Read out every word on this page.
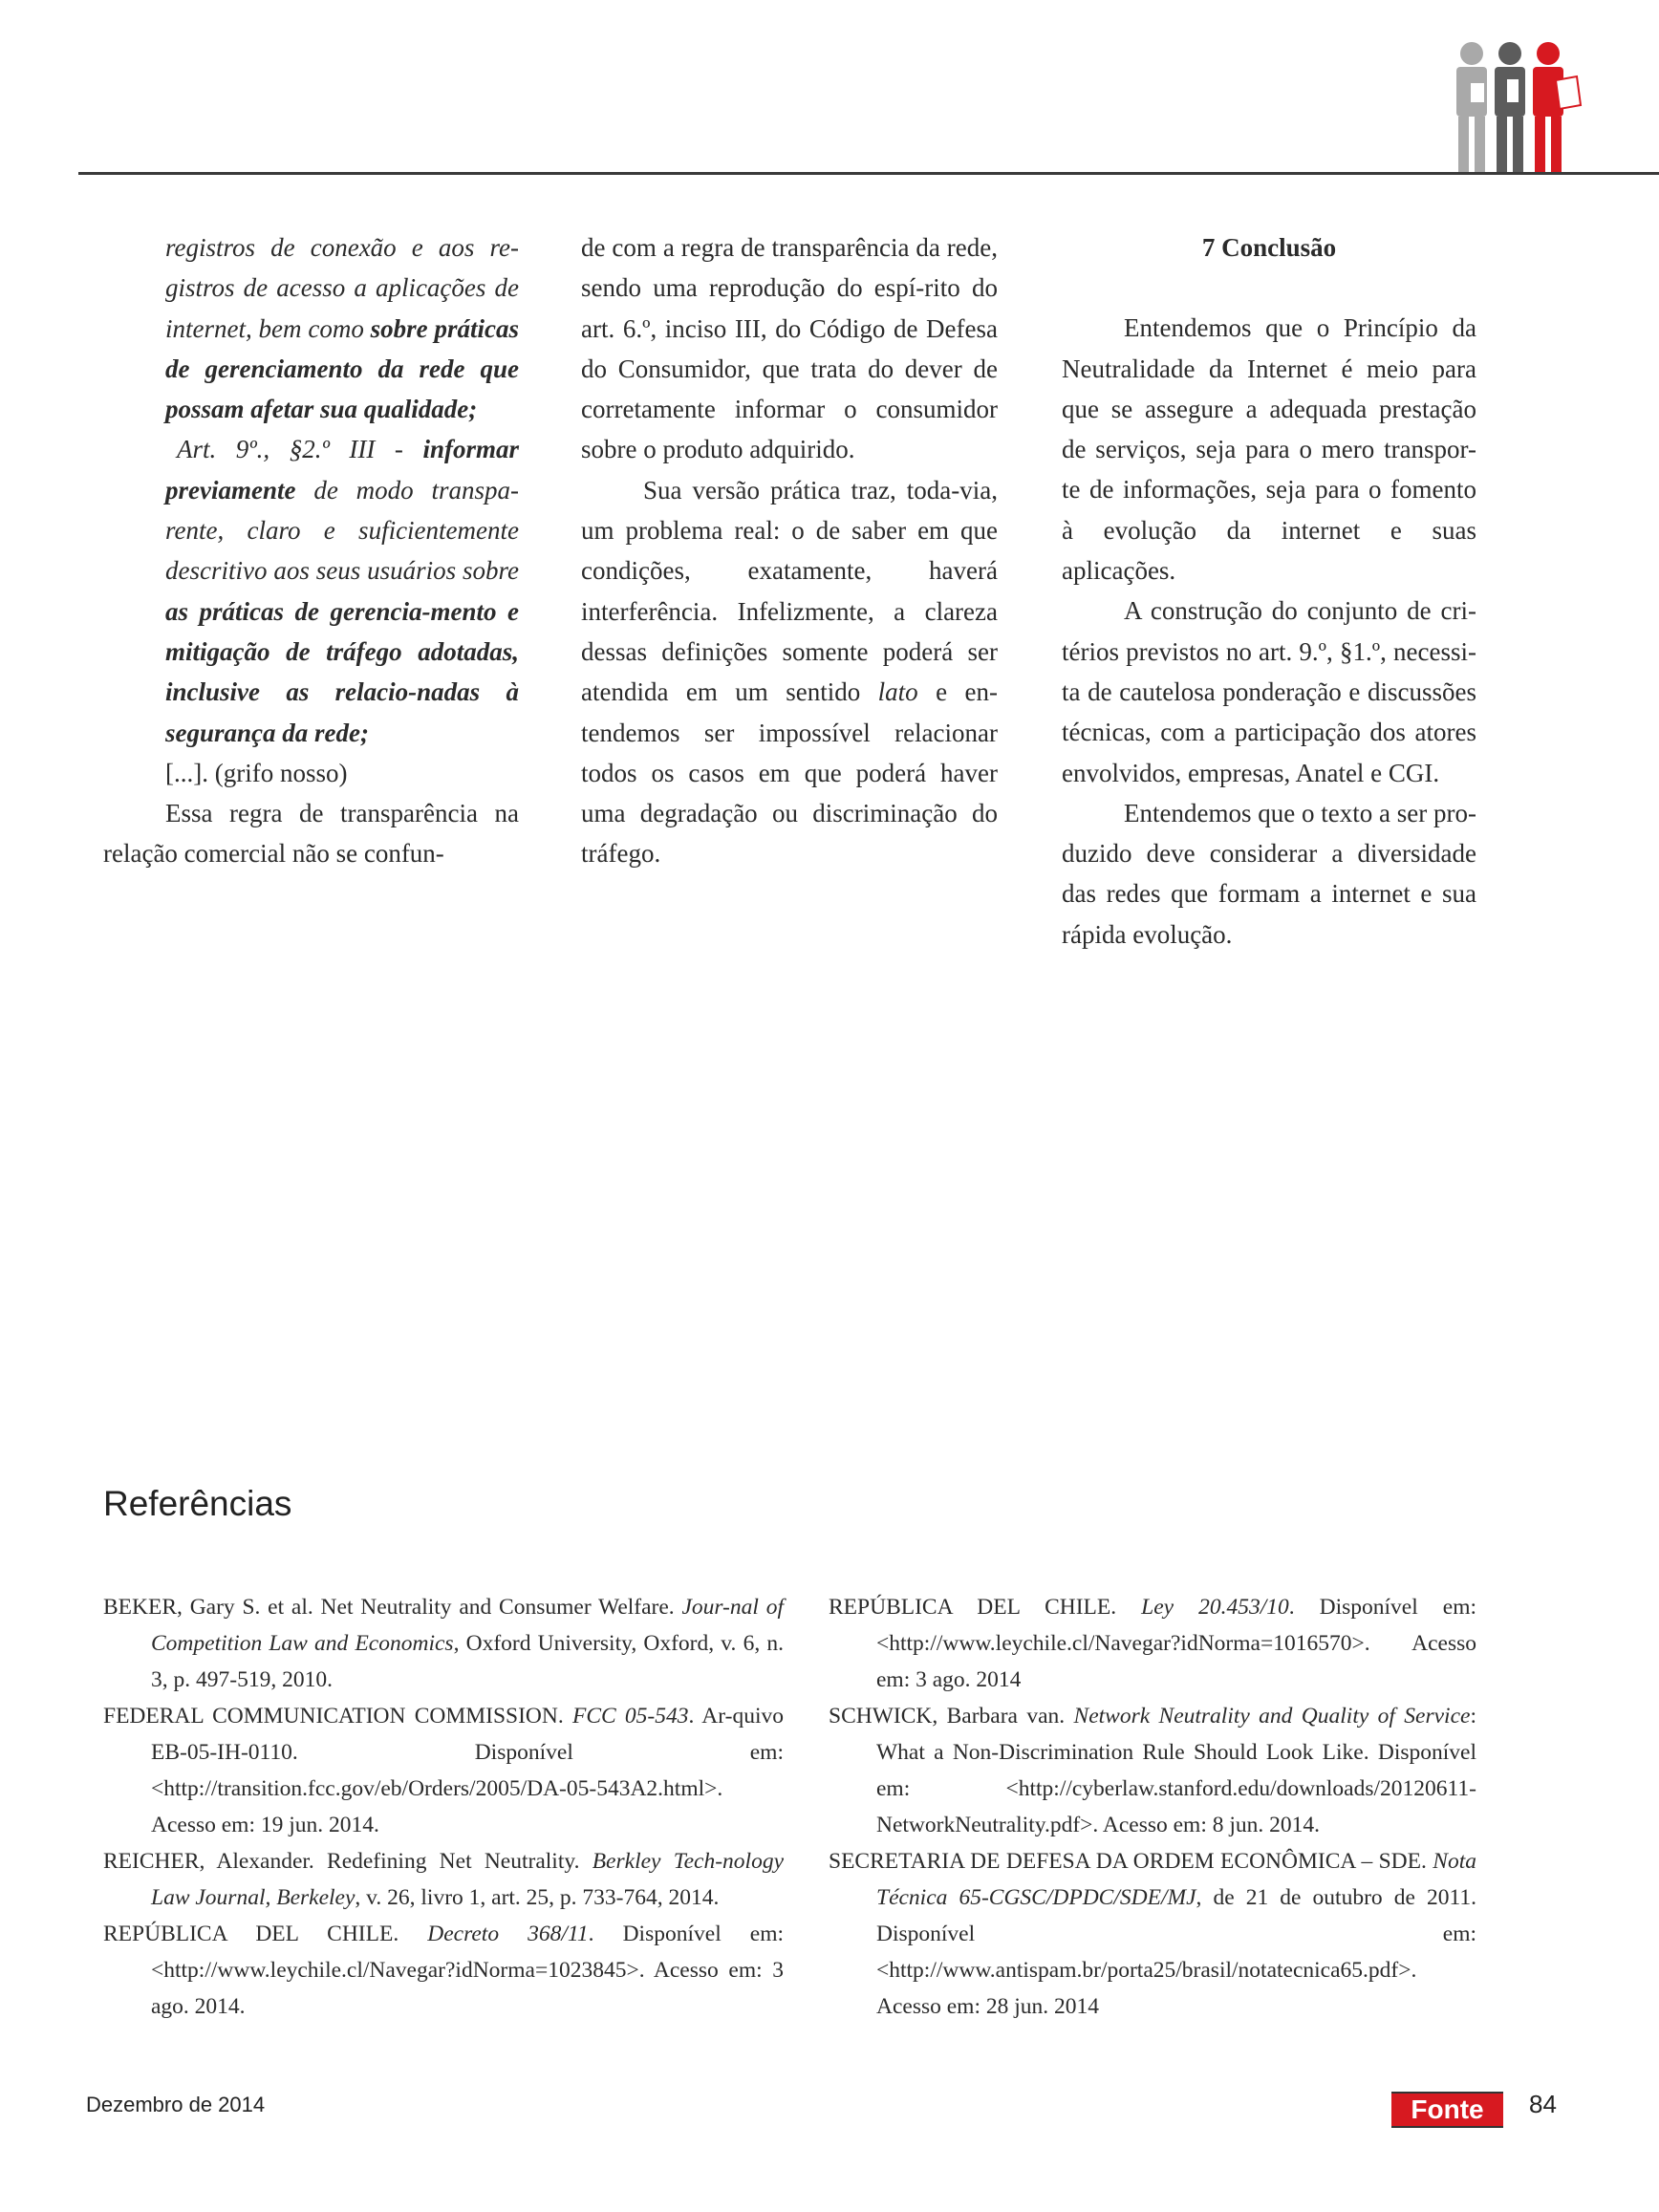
registros de conexão e aos re-gistros de acesso a aplicações de internet, bem como sobre práticas de gerenciamento da rede que possam afetar sua qualidade;

Art. 9º., §2.º III - informar previamente de modo transpa-rente, claro e suficientemente descritivo aos seus usuários sobre as práticas de gerencia-mento e mitigação de tráfego adotadas, inclusive as relacio-nadas à segurança da rede;

[...]. (grifo nosso)

Essa regra de transparência na relação comercial não se confun-

de com a regra de transparência da rede, sendo uma reprodução do espí-rito do art. 6.º, inciso III, do Código de Defesa do Consumidor, que trata do dever de corretamente informar o consumidor sobre o produto adquirido.

Sua versão prática traz, toda-via, um problema real: o de saber em que condições, exatamente, haverá interferência. Infelizmente, a clareza dessas definições somente poderá ser atendida em um sentido lato e en-tendemos ser impossível relacionar todos os casos em que poderá haver uma degradação ou discriminação do tráfego.

7 Conclusão

Entendemos que o Princípio da Neutralidade da Internet é meio para que se assegure a adequada prestação de serviços, seja para o mero transpor-te de informações, seja para o fomento à evolução da internet e suas aplicações.

A construção do conjunto de cri-térios previstos no art. 9.º, §1.º, necessi-ta de cautelosa ponderação e discussões técnicas, com a participação dos atores envolvidos, empresas, Anatel e CGI.

Entendemos que o texto a ser pro-duzido deve considerar a diversidade das redes que formam a internet e sua rápida evolução.

Referências

BEKER, Gary S. et al. Net Neutrality and Consumer Welfare. Jour-nal of Competition Law and Economics, Oxford University, Oxford, v. 6, n. 3, p. 497-519, 2010.

FEDERAL COMMUNICATION COMMISSION. FCC 05-543. Ar-quivo EB-05-IH-0110. Disponível em: <http://transition.fcc.gov/eb/Orders/2005/DA-05-543A2.html>. Acesso em: 19 jun. 2014.

REICHER, Alexander. Redefining Net Neutrality. Berkley Tech-nology Law Journal, Berkeley, v. 26, livro 1, art. 25, p. 733-764, 2014.

REPÚBLICA DEL CHILE. Decreto 368/11. Disponível em: <http://www.leychile.cl/Navegar?idNorma=1023845>. Acesso em: 3 ago. 2014.

REPÚBLICA DEL CHILE. Ley 20.453/10. Disponível em: <http://www.leychile.cl/Navegar?idNorma=1016570>. Acesso em: 3 ago. 2014

SCHWICK, Barbara van. Network Neutrality and Quality of Service: What a Non-Discrimination Rule Should Look Like. Disponível em: <http://cyberlaw.stanford.edu/downloads/20120611-NetworkNeutrality.pdf>. Acesso em: 8 jun. 2014.

SECRETARIA DE DEFESA DA ORDEM ECONÔMICA – SDE. Nota Técnica 65-CGSC/DPDC/SDE/MJ, de 21 de outubro de 2011. Disponível em: <http://www.antispam.br/porta25/brasil/notatecnica65.pdf>. Acesso em: 28 jun. 2014

Dezembro de 2014	Fonte	84
